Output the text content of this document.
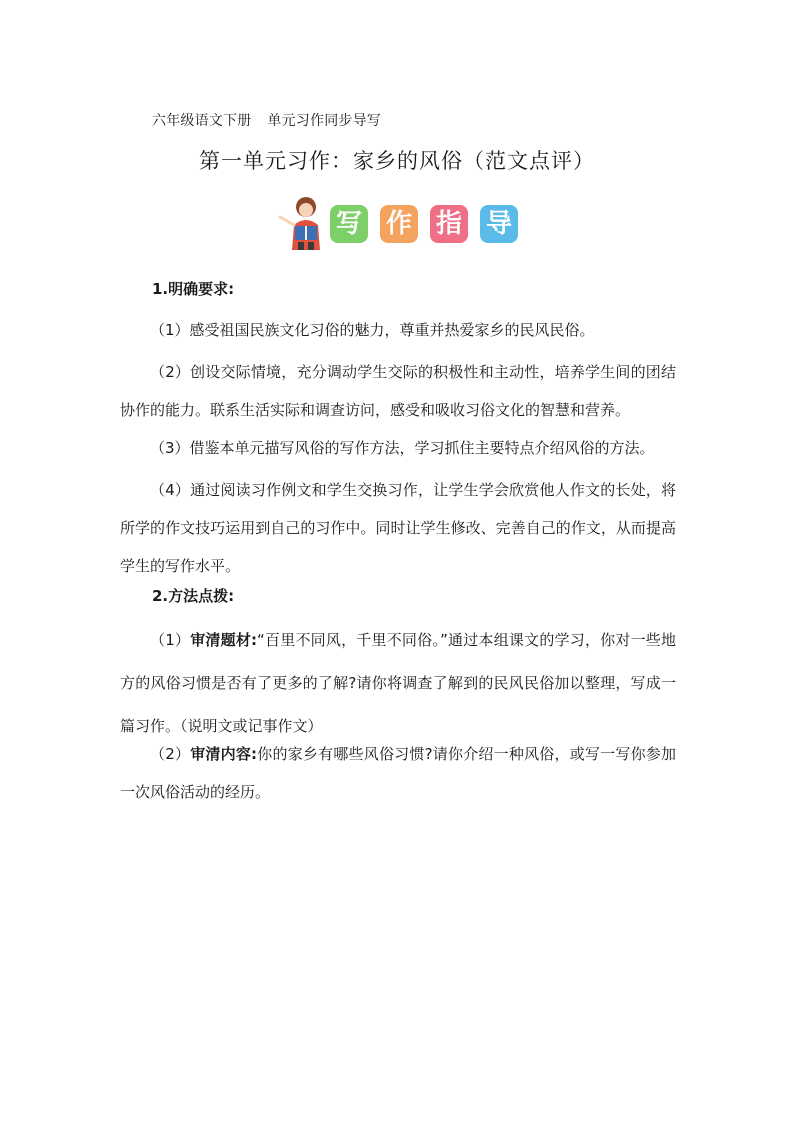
六年级语文下册 单元习作同步导写
第一单元习作：家乡的风俗（范文点评）
写 作 指 导
1.明确要求:
（1）感受祖国民族文化习俗的魅力，尊重并热爱家乡的民风民俗。
（2）创设交际情境，充分调动学生交际的积极性和主动性，培养学生间的团结协作的能力。联系生活实际和调查访问，感受和吸收习俗文化的智慧和营养。
（3）借鉴本单元描写风俗的写作方法，学习抓住主要特点介绍风俗的方法。
（4）通过阅读习作例文和学生交换习作，让学生学会欣赏他人作文的长处，将所学的作文技巧运用到自己的习作中。同时让学生修改、完善自己的作文，从而提高学生的写作水平。
2.方法点拨:
（1）审清题材:“百里不同风，千里不同俗。”通过本组课文的学习，你对一些地方的风俗习惯是否有了更多的了解?请你将调查了解到的民风民俗加以整理，写成一篇习作。（说明文或记事作文）
（2）审清内容:你的家乡有哪些风俗习惯?请你介绍一种风俗，或写一写你参加一次风俗活动的经历。
